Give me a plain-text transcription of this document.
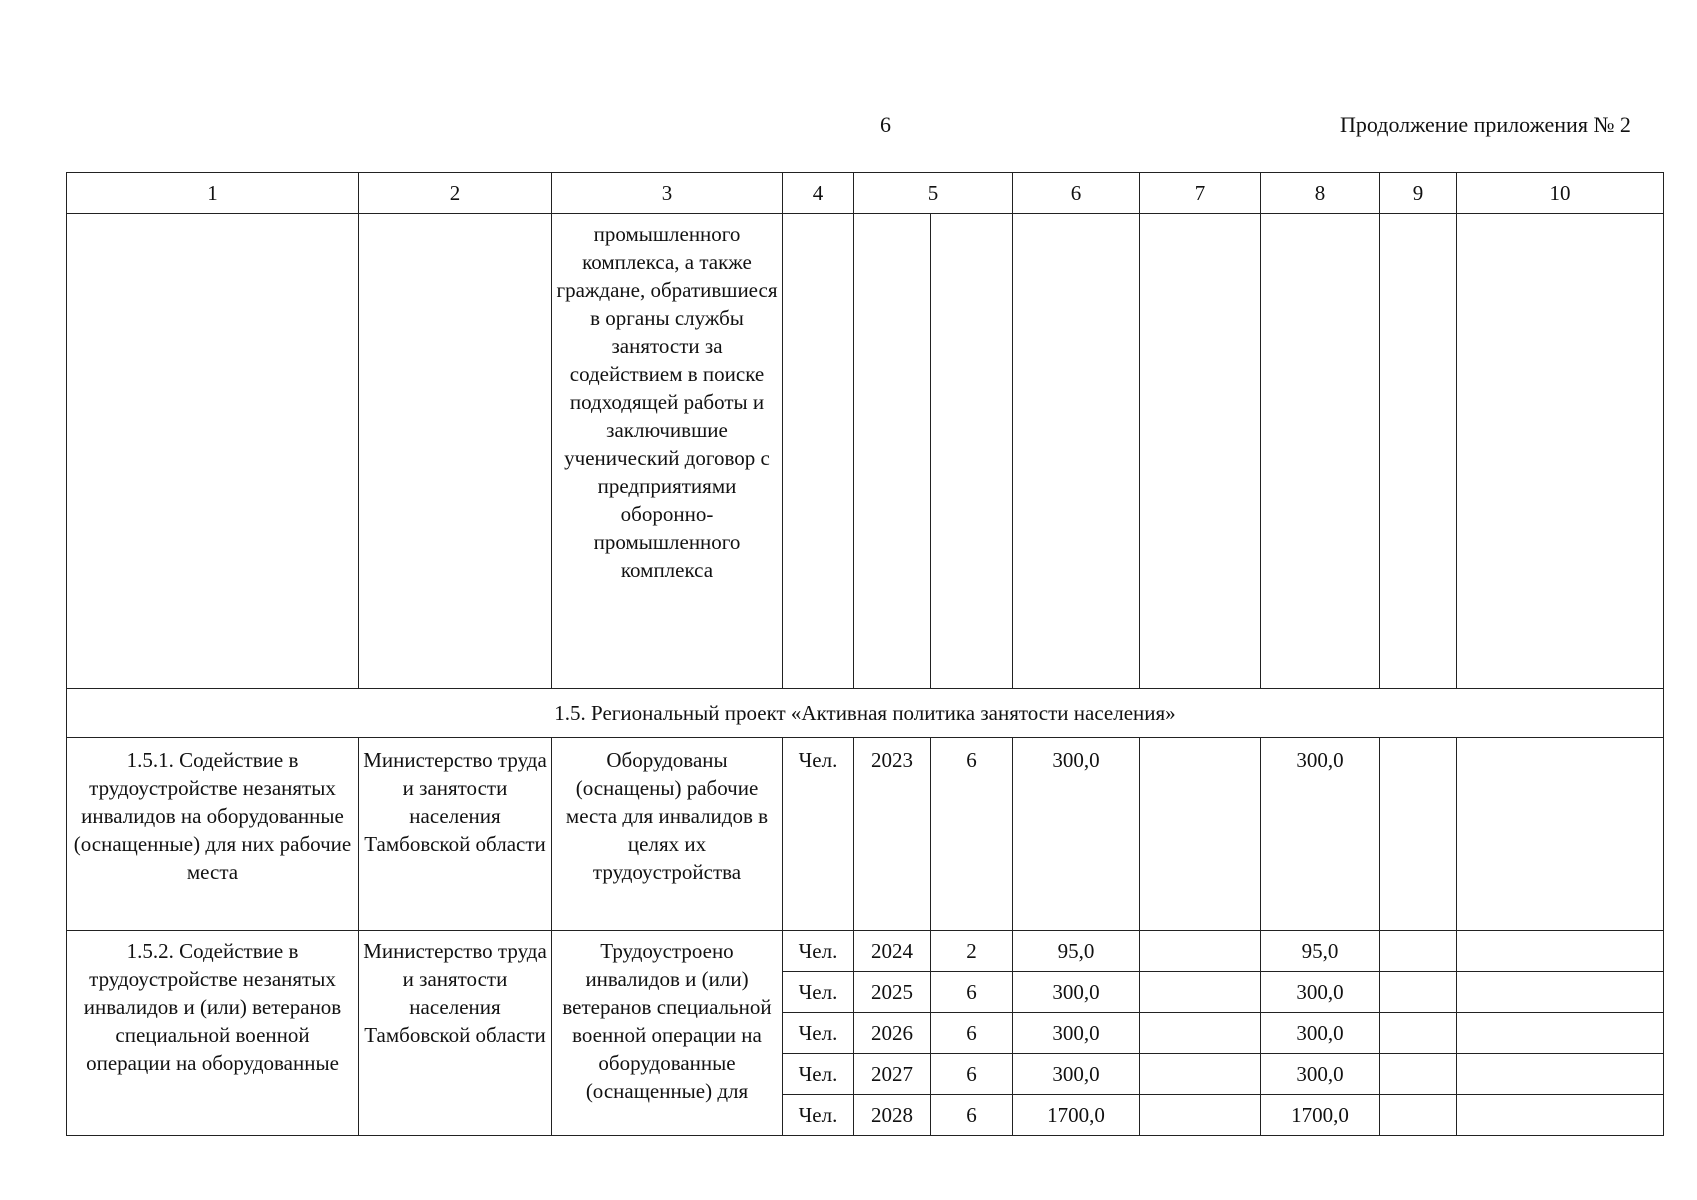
6	Продолжение приложения № 2
1	2	3	4	5		6	7	8	9	10
		промышленного комплекса, а также граждане, обратившиеся в органы службы занятости за содействием в поиске подходящей работы и заключившие ученический договор с предприятиями оборонно-промышленного комплекса								
1.5. Региональный проект «Активная политика занятости населения»										
1.5.1. Содействие в трудоустройстве незанятых инвалидов на оборудованные (оснащенные) для них рабочие места	Министерство труда и занятости населения Тамбовской области	Оборудованы (оснащены) рабочие места для инвалидов в целях их трудоустройства	Чел.	2023	6	300,0		300,0		
1.5.2. Содействие в трудоустройстве незанятых инвалидов и (или) ветеранов специальной военной операции на оборудованные	Министерство труда и занятости населения Тамбовской области	Трудоустроено инвалидов и (или) ветеранов специальной военной операции на оборудованные (оснащенные) для	Чел.	2024	2	95,0		95,0		
			Чел.	2025	6	300,0		300,0		
			Чел.	2026	6	300,0		300,0		
			Чел.	2027	6	300,0		300,0		
			Чел.	2028	6	1700,0		1700,0		
